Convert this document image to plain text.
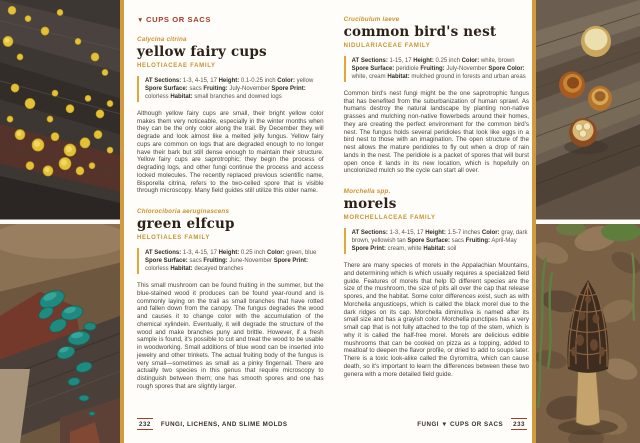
▼ CUPS OR SACS
Calycina citrina
yellow fairy cups
HELOTIACEAE FAMILY

AT Sections: 1-3, 4-15, 17 Height: 0.1-0.25 inch Color: yellow Spore Surface: sacs Fruiting: July-November Spore Print: colorless Habitat: small branches and downed logs

Although yellow fairy cups are small, their bright yellow color makes them very noticeable, especially in the winter months when they can be the only color along the trail. By December they will degrade and look almost like a melted jelly fungus. Yellow fairy cups are common on logs that are degraded enough to no longer have their bark but still dense enough to maintain their structure. Yellow fairy cups are saprotrophic; they begin the process of degrading logs, and other fungi continue the process and access locked molecules. The recently replaced previous scientific name, Bisporella citrina, refers to the two-celled spore that is visible through microscopy. Many field guides still utilize this older name.

Chlorociboria aeruginascens
green elfcup
HELOTIALES FAMILY

AT Sections: 1-3, 4-15, 17 Height: 0.25 inch Color: green, blue Spore Surface: sacs Fruiting: June-November Spore Print: colorless Habitat: decayed branches

This small mushroom can be found fruiting in the summer, but the blue-stained wood it produces can be found year-round and is commonly laying on the trail as small branches that have rotted and fallen down from the canopy. The fungus degrades the wood and causes it to change color with the accumulation of the chemical xylindein. Eventually, it will degrade the structure of the wood and make branches puny and brittle. However, if a fresh sample is found, it's possible to cut and treat the wood to be usable in woodworking. Small additions of blue wood can be inserted into jewelry and other trinkets. The actual fruiting body of the fungus is very small—sometimes as small as a pinky fingernail. There are actually two species in this genus that require microscopy to distinguish between them; one has smooth spores and one has rough spores that are slightly larger.

232	FUNGI, LICHENS, AND SLIME MOLDS
Crucibulum laeve
common bird's nest
NIDULARIACEAE FAMILY

AT Sections: 1-15, 17 Height: 0.25 inch Color: white, brown Spore Surface: peridiole Fruiting: July-November Spore Color: white, cream Habitat: mulched ground in forests and urban areas

Common bird's nest fungi might be the one saprotrophic fungus that has benefited from the suburbanization of human sprawl. As humans destroy the natural landscape by planting non-native grasses and mulching non-native flowerbeds around their homes, they are creating the perfect environment for the common bird's nest. The fungus holds several peridioles that look like eggs in a bird nest to those with an imagination. The open structure of the nest allows the mature peridioles to fly out when a drop of rain lands in the nest. The peridiole is a packet of spores that will burst open once it lands in its new location, which is hopefully on uncolonized mulch so the cycle can start all over.

Morchella spp.
morels
MORCHELLACEAE FAMILY

AT Sections: 1-3, 4-15, 17 Height: 1.5-7 inches Color: gray, dark brown, yellowish tan Spore Surface: sacs Fruiting: April-May Spore Print: cream, white Habitat: soil

There are many species of morels in the Appalachian Mountains, and determining which is which usually requires a specialized field guide. Features of morels that help ID different species are the size of the mushroom, the size of pits all over the cap that release spores, and the habitat. Some color differences exist, such as with Morchella angusticeps, which is called the black morel due to the dark ridges on its cap. Morchella diminutiva is named after its small size and has a grayish color. Morchella punctipes has a very small cap that is not fully attached to the top of the stem, which is why it is called the half-free morel. Morels are delicious edible mushrooms that can be cooked on pizza as a topping, added to meatloaf to deepen the flavor profile, or dried to add to soups later. There is a toxic look-alike called the Gyromitra, which can cause death, so it's important to learn the differences between these two genera with a more detailed field guide.

FUNGI ▼ CUPS OR SACS	233
